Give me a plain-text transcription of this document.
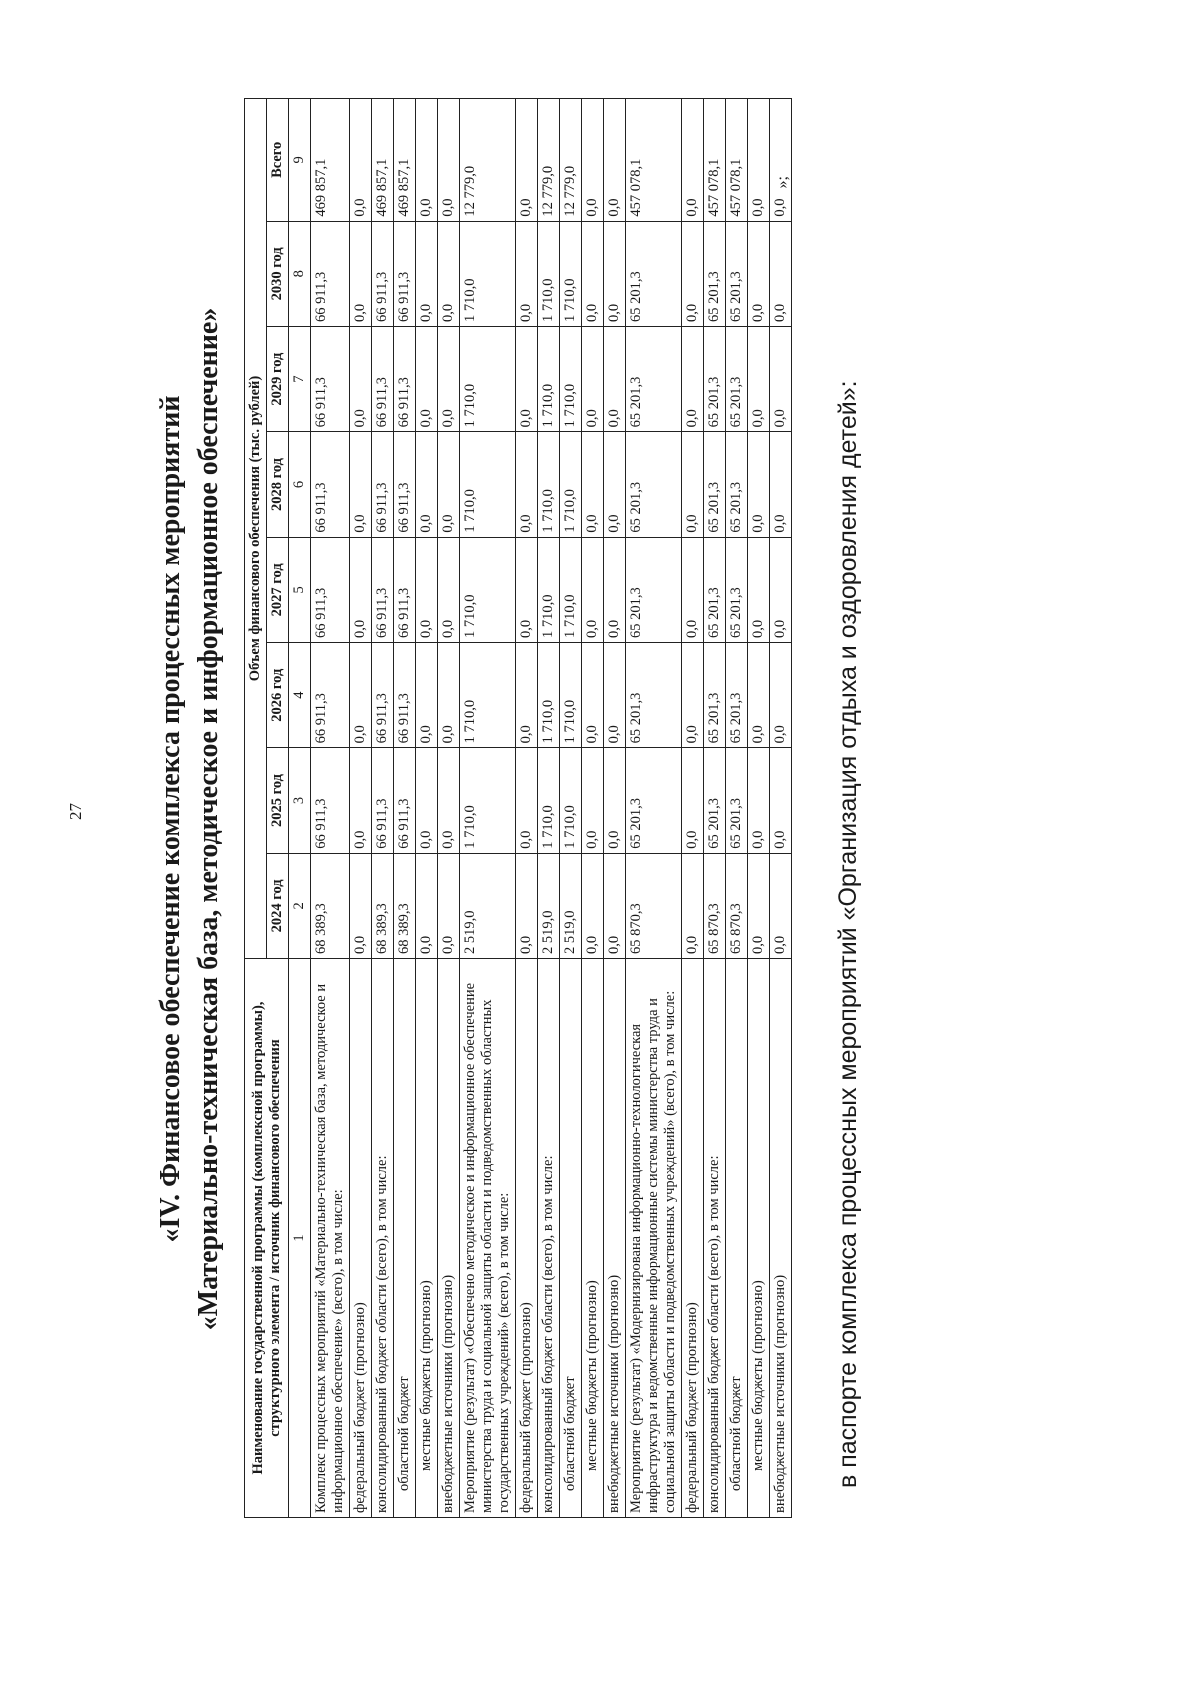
27	«IV. Финансовое обеспечение комплекса процессных мероприятий «Материально-техническая база, методическое и информационное обеспечение» Наименование государственной программы (комплексной программы), структурного элемента / источник финансового обеспечения	Объем финансового обеспечения (тыс. рублей)							
	2024 год	2025 год	2026 год	2027 год	2028 год	2029 год	2030 год	Всего
1	2	3	4	5	6	7	8	9
Комплекс процессных мероприятий «Материально-техническая база, методическое и информационное обеспечение» (всего), в том числе:	68 389,3	66 911,3	66 911,3	66 911,3	66 911,3	66 911,3	66 911,3	469 857,1
федеральный бюджет (прогнозно)	0,0	0,0	0,0	0,0	0,0	0,0	0,0	0,0
консолидированный бюджет области (всего), в том числе:	68 389,3	66 911,3	66 911,3	66 911,3	66 911,3	66 911,3	66 911,3	469 857,1
областной бюджет	68 389,3	66 911,3	66 911,3	66 911,3	66 911,3	66 911,3	66 911,3	469 857,1
местные бюджеты (прогнозно)	0,0	0,0	0,0	0,0	0,0	0,0	0,0	0,0
внебюджетные источники (прогнозно)	0,0	0,0	0,0	0,0	0,0	0,0	0,0	0,0
Мероприятие (результат) «Обеспечено методическое и информационное обеспечение министерства труда и социальной защиты области и подведомственных областных государственных учреждений» (всего), в том числе:	2 519,0	1 710,0	1 710,0	1 710,0	1 710,0	1 710,0	1 710,0	12 779,0
федеральный бюджет (прогнозно)	0,0	0,0	0,0	0,0	0,0	0,0	0,0	0,0
консолидированный бюджет области (всего), в том числе:	2 519,0	1 710,0	1 710,0	1 710,0	1 710,0	1 710,0	1 710,0	12 779,0
областной бюджет	2 519,0	1 710,0	1 710,0	1 710,0	1 710,0	1 710,0	1 710,0	12 779,0
местные бюджеты (прогнозно)	0,0	0,0	0,0	0,0	0,0	0,0	0,0	0,0
внебюджетные источники (прогнозно)	0,0	0,0	0,0	0,0	0,0	0,0	0,0	0,0
Мероприятие (результат) «Модернизирована информационно-технологическая инфраструктура и ведомственные информационные системы министерства труда и социальной защиты области и подведомственных учреждений» (всего), в том числе:	65 870,3	65 201,3	65 201,3	65 201,3	65 201,3	65 201,3	65 201,3	457 078,1
федеральный бюджет (прогнозно)	0,0	0,0	0,0	0,0	0,0	0,0	0,0	0,0
консолидированный бюджет области (всего), в том числе:	65 870,3	65 201,3	65 201,3	65 201,3	65 201,3	65 201,3	65 201,3	457 078,1
областной бюджет	65 870,3	65 201,3	65 201,3	65 201,3	65 201,3	65 201,3	65 201,3	457 078,1
местные бюджеты (прогнозно)	0,0	0,0	0,0	0,0	0,0	0,0	0,0	0,0
внебюджетные источники (прогнозно)	0,0	0,0	0,0	0,0	0,0	0,0	0,0	0,0
»;
в паспорте комплекса процессных мероприятий «Организация отдыха и оздоровления детей»:
